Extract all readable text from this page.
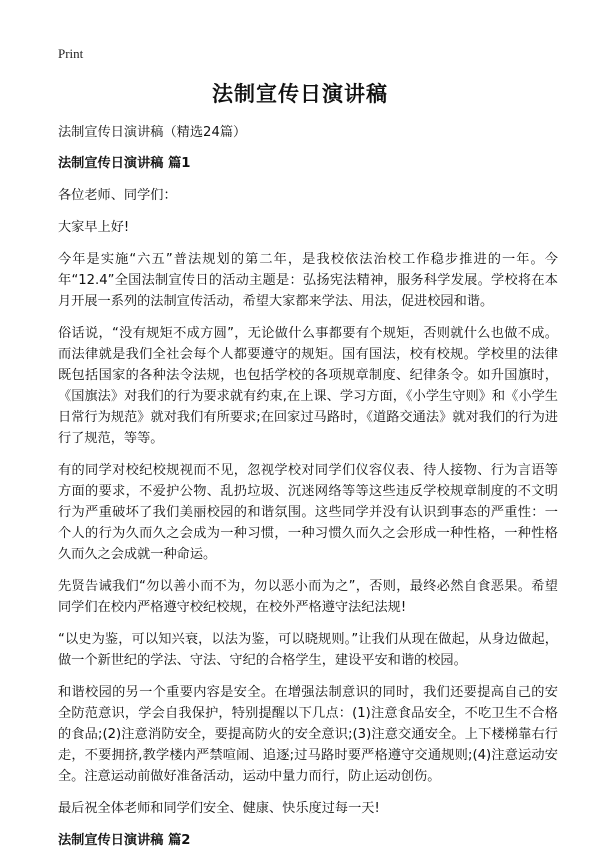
Print
法制宣传日演讲稿

法制宣传日演讲稿（精选24篇）

法制宣传日演讲稿 篇1

各位老师、同学们：

大家早上好!

今年是实施“六五”普法规划的第二年，是我校依法治校工作稳步推进的一年。今年“12.4”全国法制宣传日的活动主题是：弘扬宪法精神，服务科学发展。学校将在本月开展一系列的法制宣传活动，希望大家都来学法、用法，促进校园和谐。

俗话说，“没有规矩不成方圆”，无论做什么事都要有个规矩，否则就什么也做不成。而法律就是我们全社会每个人都要遵守的规矩。国有国法，校有校规。学校里的法律既包括国家的各种法令法规，也包括学校的各项规章制度、纪律条令。如升国旗时，《国旗法》对我们的行为要求就有约束,在上课、学习方面，《小学生守则》和《小学生日常行为规范》就对我们有所要求;在回家过马路时，《道路交通法》就对我们的行为进行了规范，等等。

有的同学对校纪校规视而不见，忽视学校对同学们仪容仪表、待人接物、行为言语等方面的要求，不爱护公物、乱扔垃圾、沉迷网络等等这些违反学校规章制度的不文明行为严重破坏了我们美丽校园的和谐氛围。这些同学并没有认识到事态的严重性：一个人的行为久而久之会成为一种习惯，一种习惯久而久之会形成一种性格，一种性格久而久之会成就一种命运。

先贤告诫我们“勿以善小而不为，勿以恶小而为之”，否则，最终必然自食恶果。希望同学们在校内严格遵守校纪校规，在校外严格遵守法纪法规!

“以史为鉴，可以知兴衰，以法为鉴，可以晓规则。”让我们从现在做起，从身边做起，做一个新世纪的学法、守法、守纪的合格学生，建设平安和谐的校园。

和谐校园的另一个重要内容是安全。在增强法制意识的同时，我们还要提高自己的安全防范意识，学会自我保护，特别提醒以下几点：(1)注意食品安全，不吃卫生不合格的食品;(2)注意消防安全，要提高防火的安全意识;(3)注意交通安全。上下楼梯靠右行走，不要拥挤,教学楼内严禁喧闹、追逐;过马路时要严格遵守交通规则;(4)注意运动安全。注意运动前做好准备活动，运动中量力而行，防止运动创伤。

最后祝全体老师和同学们安全、健康、快乐度过每一天!

法制宣传日演讲稿 篇2
